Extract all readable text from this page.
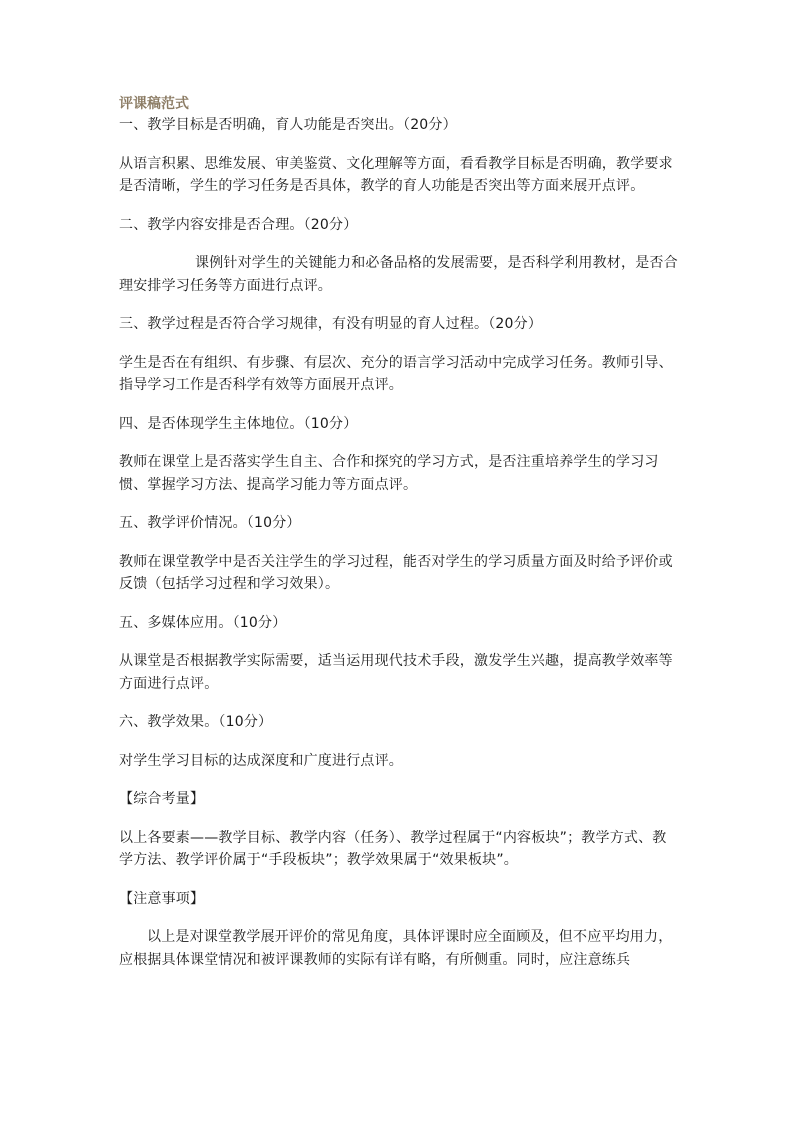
评课稿范式

一、教学目标是否明确，育人功能是否突出。（20分）

从语言积累、思维发展、审美鉴赏、文化理解等方面，看看教学目标是否明确，教学要求是否清晰，学生的学习任务是否具体，教学的育人功能是否突出等方面来展开点评。

二、教学内容安排是否合理。（20分）

课例针对学生的关键能力和必备品格的发展需要，是否科学利用教材，是否合理安排学习任务等方面进行点评。

三、教学过程是否符合学习规律，有没有明显的育人过程。（20分）

学生是否在有组织、有步骤、有层次、充分的语言学习活动中完成学习任务。教师引导、指导学习工作是否科学有效等方面展开点评。

四、是否体现学生主体地位。（10分）

教师在课堂上是否落实学生自主、合作和探究的学习方式，是否注重培养学生的学习习惯、掌握学习方法、提高学习能力等方面点评。

五、教学评价情况。（10分）

教师在课堂教学中是否关注学生的学习过程，能否对学生的学习质量方面及时给予评价或反馈（包括学习过程和学习效果）。

五、多媒体应用。（10分）

从课堂是否根据教学实际需要，适当运用现代技术手段，激发学生兴趣，提高教学效率等方面进行点评。

六、教学效果。（10分）

对学生学习目标的达成深度和广度进行点评。

【综合考量】

以上各要素——教学目标、教学内容（任务）、教学过程属于“内容板块”；教学方式、教学方法、教学评价属于“手段板块”；教学效果属于“效果板块”。

【注意事项】

以上是对课堂教学展开评价的常见角度，具体评课时应全面顾及，但不应平均用力，应根据具体课堂情况和被评课教师的实际有详有略，有所侧重。同时，应注意练兵
